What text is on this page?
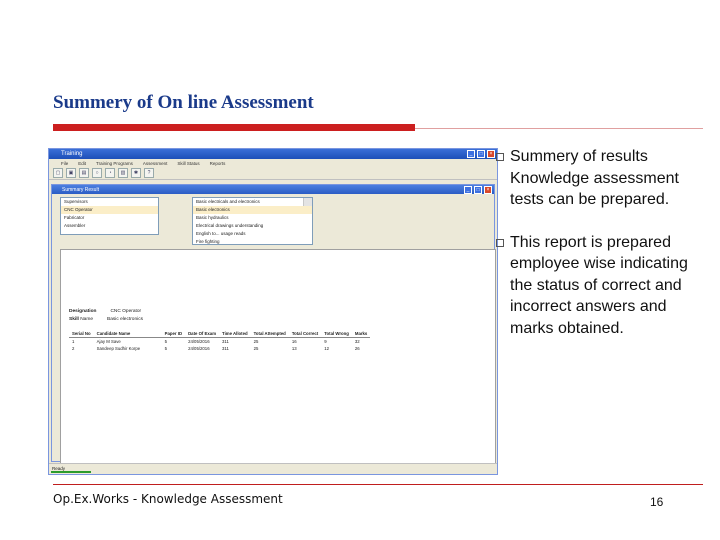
Summery of On line Assessment
Training	_	□	×
File Edit Training Programs Assessment Skill Status Reports
▢	▣	▤	○	◔	▥	✱	?
Summary Result	_	□	×
Supervisors
CNC Operator
Fabricator
Assembler
Basic electricals and electronics
Basic electronics
Basic hydraulics
Electrical drawings understanding
English to... usage reads
Fire fighting
Designation	CNC Operator
Skill Name	Basic electronics
Serial No	Candidate Name	Paper ID	Date Of Exam	Time Alloted	Total Attempted	Total Correct	Total Wrong	Marks
1	Ajay M Save	5	24/05/2016	311	25	16	9	32
2	Sandeep Sudhir Korpe	5	24/05/2016	311	25	13	12	26
Ready
Summery of results Knowledge assessment tests can be prepared.
This report is prepared employee wise indicating the status of correct and incorrect answers and marks obtained.
Op.Ex.Works - Knowledge Assessment	16
